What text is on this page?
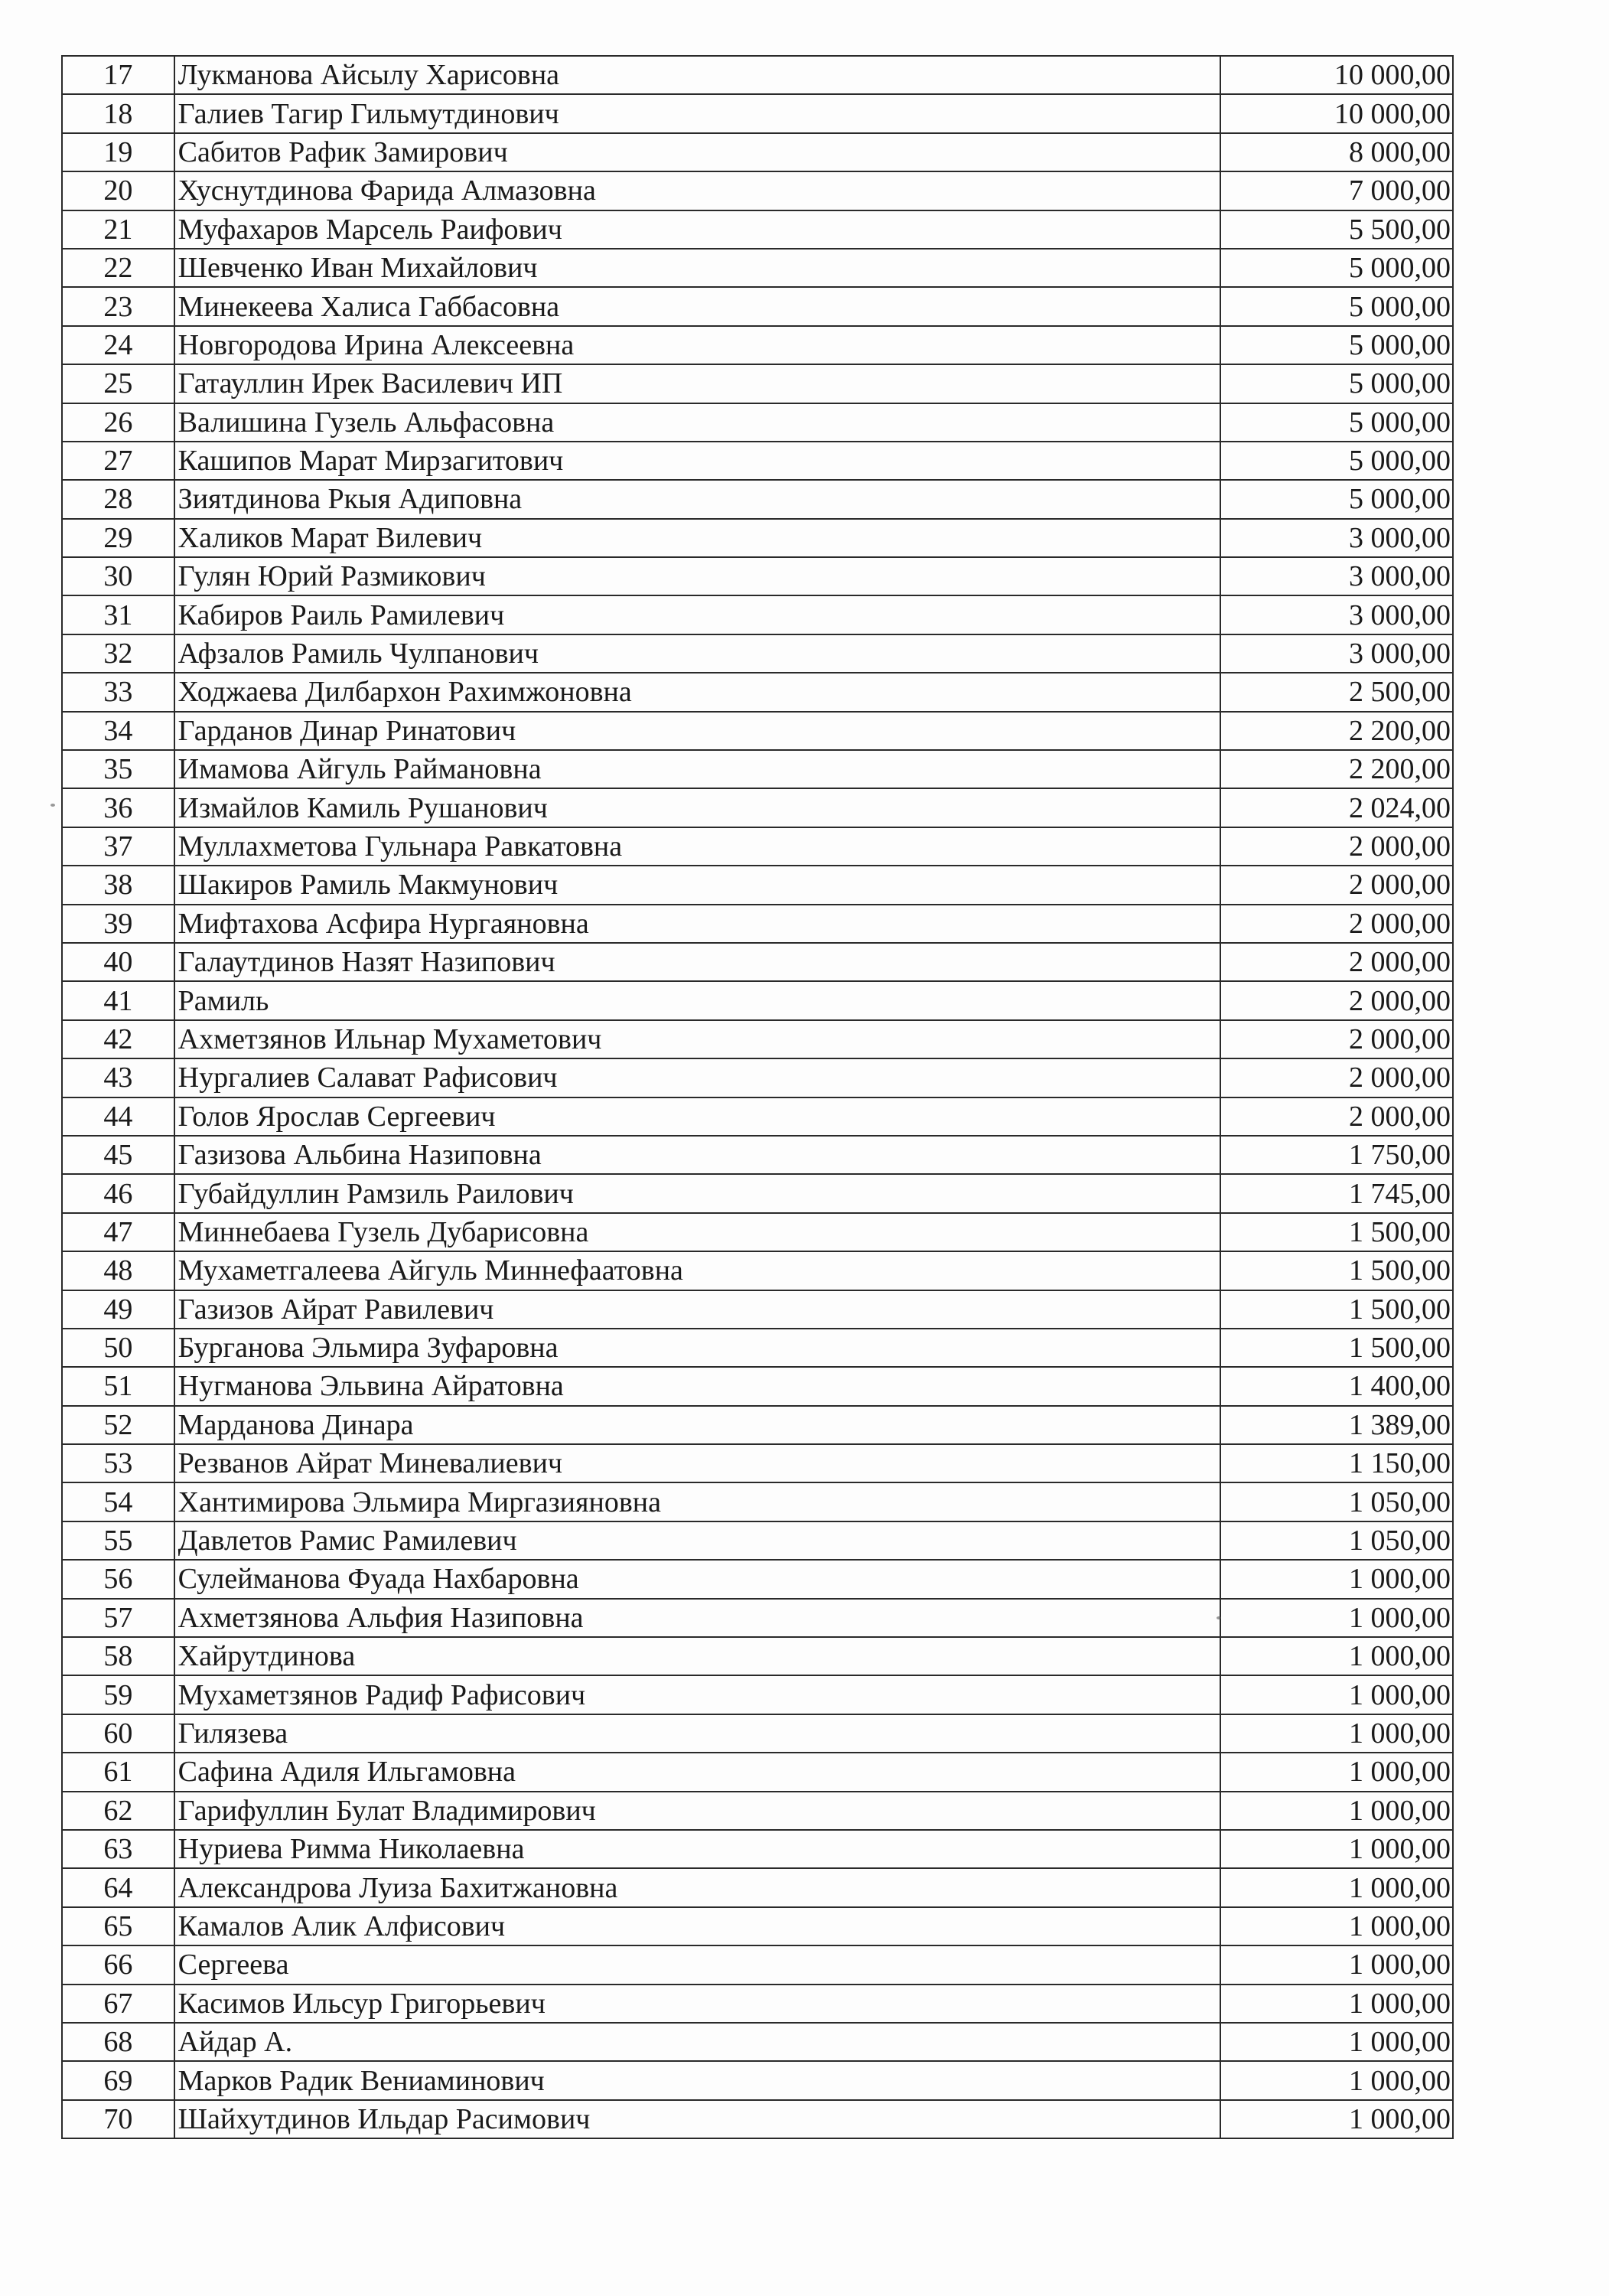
17	Лукманова Айсылу Харисовна	10 000,00
18	Галиев Тагир Гильмутдинович	10 000,00
19	Сабитов Рафик Замирович	8 000,00
20	Хуснутдинова Фарида Алмазовна	7 000,00
21	Муфахаров Марсель Раифович	5 500,00
22	Шевченко Иван Михайлович	5 000,00
23	Минекеева Халиса Габбасовна	5 000,00
24	Новгородова Ирина Алексеевна	5 000,00
25	Гатауллин Ирек Василевич ИП	5 000,00
26	Валишина Гузель Альфасовна	5 000,00
27	Кашипов Марат Мирзагитович	5 000,00
28	Зиятдинова Ркыя Адиповна	5 000,00
29	Халиков Марат Вилевич	3 000,00
30	Гулян Юрий Размикович	3 000,00
31	Кабиров Раиль Рамилевич	3 000,00
32	Афзалов Рамиль Чулпанович	3 000,00
33	Ходжаева Дилбархон Рахимжоновна	2 500,00
34	Гарданов Динар Ринатович	2 200,00
35	Имамова Айгуль Раймановна	2 200,00
36	Измайлов Камиль Рушанович	2 024,00
37	Муллахметова Гульнара Равкатовна	2 000,00
38	Шакиров Рамиль Макмунович	2 000,00
39	Мифтахова Асфира Нургаяновна	2 000,00
40	Галаутдинов Назят Назипович	2 000,00
41	Рамиль	2 000,00
42	Ахметзянов Ильнар Мухаметович	2 000,00
43	Нургалиев Салават Рафисович	2 000,00
44	Голов Ярослав Сергеевич	2 000,00
45	Газизова Альбина Назиповна	1 750,00
46	Губайдуллин Рамзиль Раилович	1 745,00
47	Миннебаева Гузель Дубарисовна	1 500,00
48	Мухаметгалеева Айгуль Миннефаатовна	1 500,00
49	Газизов Айрат Равилевич	1 500,00
50	Бурганова Эльмира Зуфаровна	1 500,00
51	Нугманова Эльвина Айратовна	1 400,00
52	Марданова Динара	1 389,00
53	Резванов Айрат Миневалиевич	1 150,00
54	Хантимирова Эльмира Миргазияновна	1 050,00
55	Давлетов Рамис Рамилевич	1 050,00
56	Сулейманова Фуада Нахбаровна	1 000,00
57	Ахметзянова Альфия Назиповна	1 000,00
58	Хайрутдинова	1 000,00
59	Мухаметзянов Радиф Рафисович	1 000,00
60	Гилязева	1 000,00
61	Сафина Адиля Ильгамовна	1 000,00
62	Гарифуллин Булат Владимирович	1 000,00
63	Нуриева Римма Николаевна	1 000,00
64	Александрова Луиза Бахитжановна	1 000,00
65	Камалов Алик Алфисович	1 000,00
66	Сергеева	1 000,00
67	Касимов Ильсур Григорьевич	1 000,00
68	Айдар А.	1 000,00
69	Марков Радик Вениаминович	1 000,00
70	Шайхутдинов Ильдар Расимович	1 000,00
